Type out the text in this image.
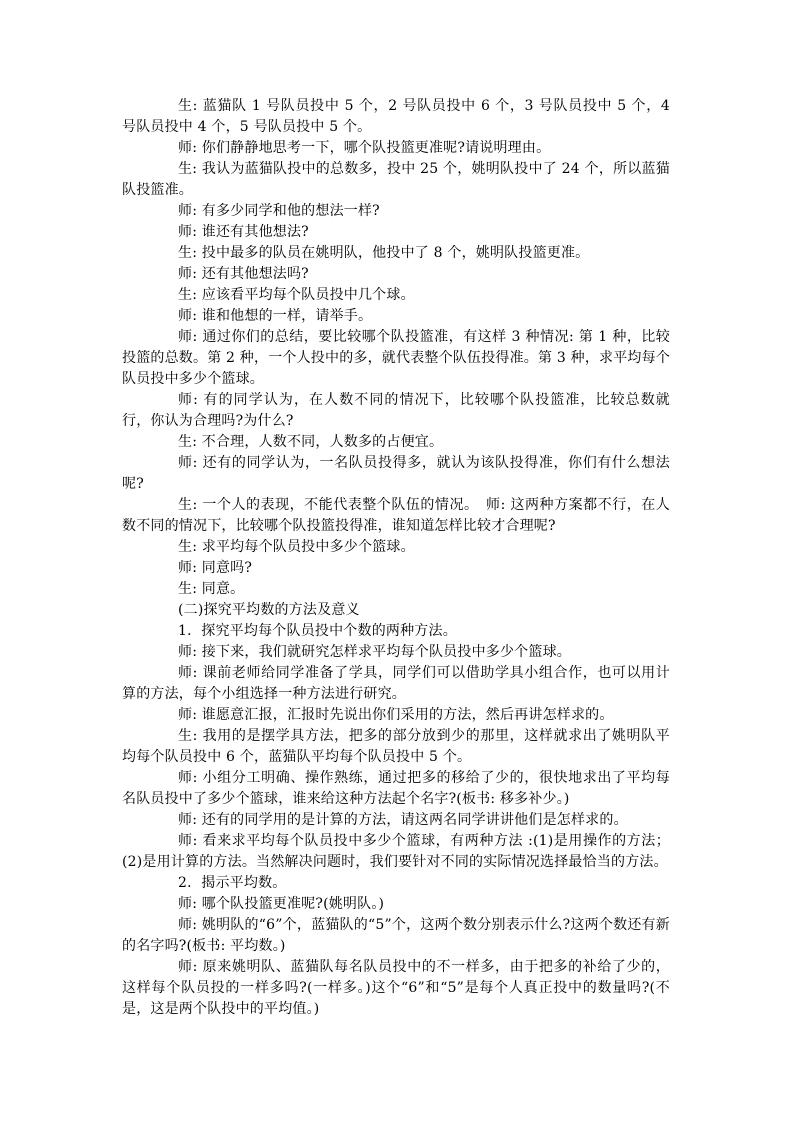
生: 蓝猫队 1 号队员投中 5 个，2 号队员投中 6 个，3 号队员投中 5 个，4 号队员投中 4 个，5 号队员投中 5 个。

师: 你们静静地思考一下，哪个队投篮更准呢?请说明理由。

生: 我认为蓝猫队投中的总数多，投中 25 个，姚明队投中了 24 个，所以蓝猫队投篮准。

师: 有多少同学和他的想法一样?

师: 谁还有其他想法?

生: 投中最多的队员在姚明队，他投中了 8 个，姚明队投篮更准。

师: 还有其他想法吗?

生: 应该看平均每个队员投中几个球。

师: 谁和他想的一样，请举手。

师: 通过你们的总结，要比较哪个队投篮准，有这样 3 种情况: 第 1 种，比较投篮的总数。第 2 种，一个人投中的多，就代表整个队伍投得准。第 3 种，求平均每个队员投中多少个篮球。

师: 有的同学认为，在人数不同的情况下，比较哪个队投篮准，比较总数就行，你认为合理吗?为什么?

生: 不合理，人数不同，人数多的占便宜。

师: 还有的同学认为，一名队员投得多，就认为该队投得准，你们有什么想法呢?

生: 一个人的表现，不能代表整个队伍的情况。　师: 这两种方案都不行，在人数不同的情况下，比较哪个队投篮投得准，谁知道怎样比较才合理呢?

生: 求平均每个队员投中多少个篮球。

师: 同意吗?

生: 同意。

(二)探究平均数的方法及意义

1．探究平均每个队员投中个数的两种方法。

师: 接下来，我们就研究怎样求平均每个队员投中多少个篮球。

师: 课前老师给同学准备了学具，同学们可以借助学具小组合作，也可以用计算的方法，每个小组选择一种方法进行研究。

师: 谁愿意汇报，汇报时先说出你们采用的方法，然后再讲怎样求的。

生: 我用的是摆学具方法，把多的部分放到少的那里，这样就求出了姚明队平均每个队员投中 6 个，蓝猫队平均每个队员投中 5 个。

师: 小组分工明确、操作熟练，通过把多的移给了少的，很快地求出了平均每名队员投中了多少个篮球，谁来给这种方法起个名字?(板书: 移多补少。)

师: 还有的同学用的是计算的方法，请这两名同学讲讲他们是怎样求的。

师: 看来求平均每个队员投中多少个篮球，有两种方法 :(1)是用操作的方法；(2)是用计算的方法。当然解决问题时，我们要针对不同的实际情况选择最恰当的方法。

2．揭示平均数。

师: 哪个队投篮更准呢?(姚明队。)

师: 姚明队的“6”个，蓝猫队的“5”个，这两个数分别表示什么?这两个数还有新的名字吗?(板书: 平均数。)

师: 原来姚明队、蓝猫队每名队员投中的不一样多，由于把多的补给了少的，这样每个队员投的一样多吗?(一样多。)这个“6”和“5”是每个人真正投中的数量吗?(不是，这是两个队投中的平均值。)
